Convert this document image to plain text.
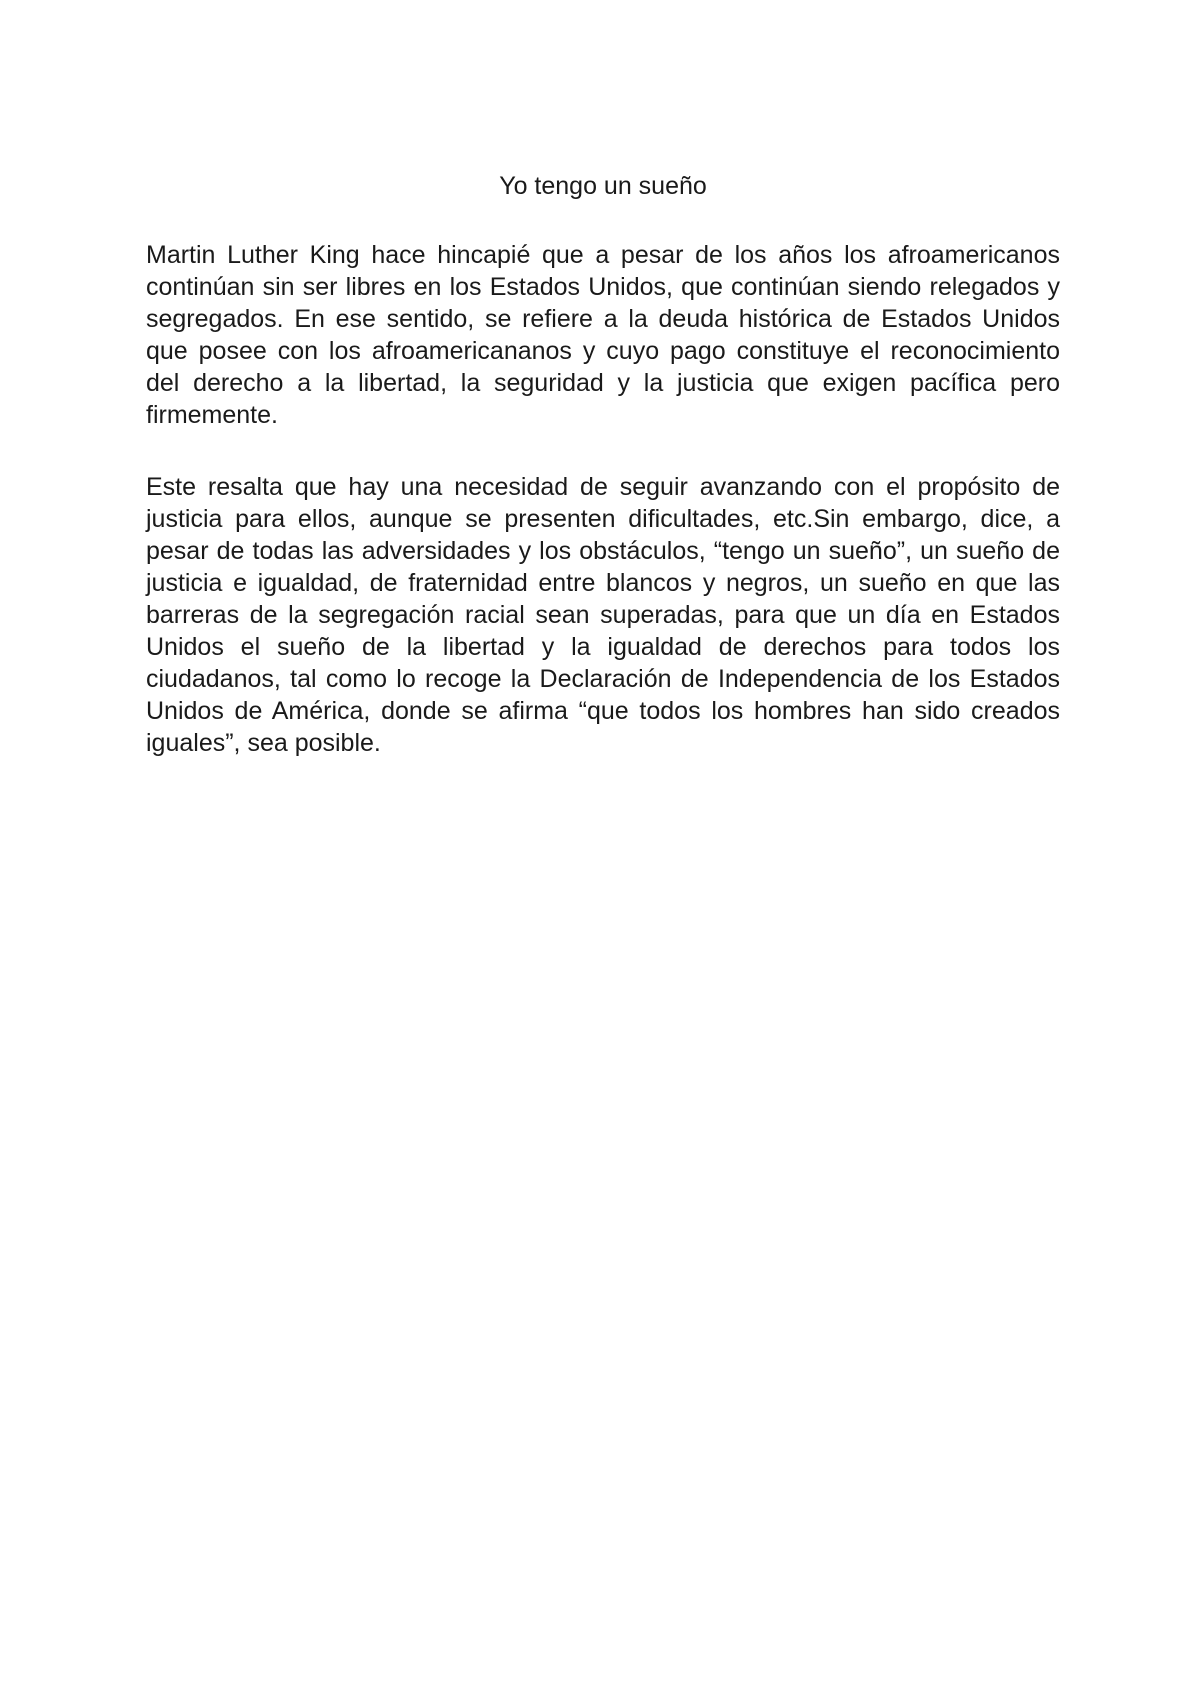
Yo tengo un sueño

Martin Luther King hace hincapié que a pesar de los años los afroamericanos continúan sin ser libres en los Estados Unidos, que continúan siendo relegados y segregados. En ese sentido, se refiere a la deuda histórica de Estados Unidos que posee con los afroamericananos y cuyo pago constituye el reconocimiento del derecho a la libertad, la seguridad y la justicia que exigen pacífica pero firmemente.

Este resalta que hay una necesidad de seguir avanzando con el propósito de justicia para ellos, aunque se presenten dificultades, etc.Sin embargo, dice, a pesar de todas las adversidades y los obstáculos, “tengo un sueño”, un sueño de justicia e igualdad, de fraternidad entre blancos y negros, un sueño en que las barreras de la segregación racial sean superadas, para que un día en Estados Unidos el sueño de la libertad y la igualdad de derechos para todos los ciudadanos, tal como lo recoge la Declaración de Independencia de los Estados Unidos de América, donde se afirma “que todos los hombres han sido creados iguales”, sea posible.
